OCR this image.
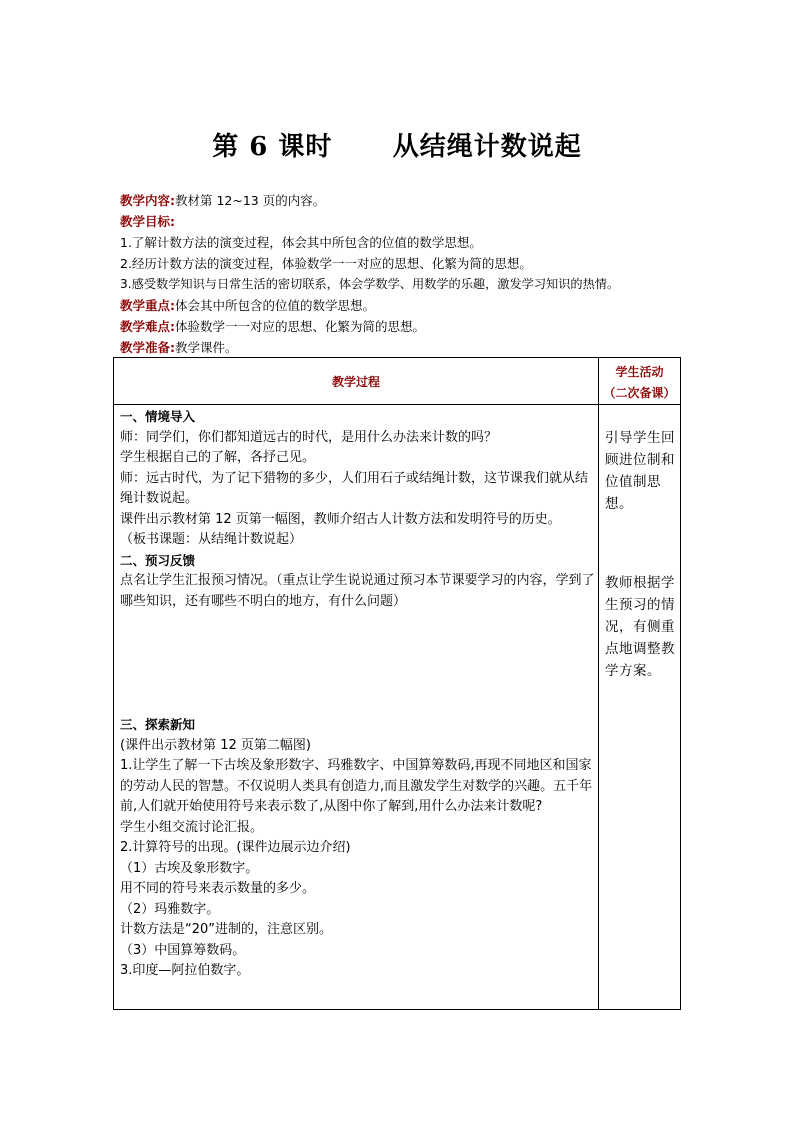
第 6 课时      从结绳计数说起
教学内容:教材第 12~13 页的内容。
教学目标:
1.了解计数方法的演变过程，体会其中所包含的位值的数学思想。
2.经历计数方法的演变过程，体验数学一一对应的思想、化繁为简的思想。
3.感受数学知识与日常生活的密切联系，体会学数学、用数学的乐趣，激发学习知识的热情。
教学重点:体会其中所包含的位值的数学思想。
教学难点:体验数学一一对应的思想、化繁为简的思想。
教学准备:教学课件。
教学过程
学生活动
（二次备课）
一、情境导入
师：同学们，你们都知道远古的时代，是用什么办法来计数的吗？
学生根据自己的了解，各抒己见。
师：远古时代，为了记下猎物的多少，人们用石子或结绳计数，这节课我们就从结绳计数说起。
课件出示教材第 12 页第一幅图，教师介绍古人计数方法和发明符号的历史。
（板书课题：从结绳计数说起）
二、预习反馈
点名让学生汇报预习情况。（重点让学生说说通过预习本节课要学习的内容，学到了哪些知识，还有哪些不明白的地方，有什么问题）
三、探索新知
(课件出示教材第 12 页第二幅图)
1.让学生了解一下古埃及象形数字、玛雅数字、中国算筹数码,再现不同地区和国家的劳动人民的智慧。不仅说明人类具有创造力,而且激发学生对数学的兴趣。五千年前,人们就开始使用符号来表示数了,从图中你了解到,用什么办法来计数呢?
学生小组交流讨论汇报。
2.计算符号的出现。(课件边展示边介绍)
（1）古埃及象形数字。
用不同的符号来表示数量的多少。
（2）玛雅数字。
计数方法是“20”进制的，注意区别。
（3）中国算筹数码。
3.印度—阿拉伯数字。
引导学生回顾进位制和位值制思想。
教师根据学生预习的情况，有侧重点地调整教学方案。
